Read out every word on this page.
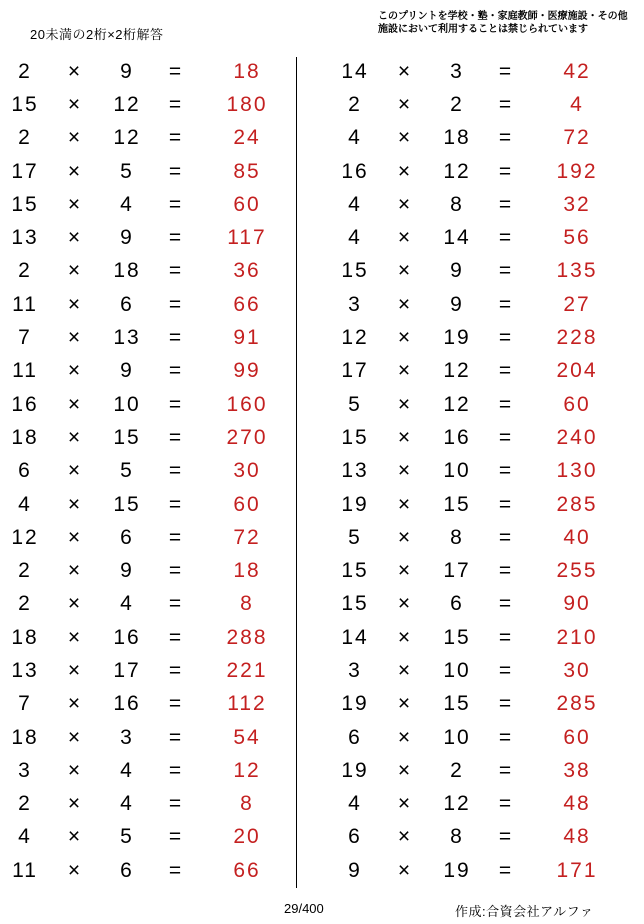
20未満の2桁×2桁解答
このプリントを学校・塾・家庭教師・医療施設・その他
施設において利用することは禁じられています
2	×	9	=	18
15	×	12	=	180
2	×	12	=	24
17	×	5	=	85
15	×	4	=	60
13	×	9	=	117
2	×	18	=	36
11	×	6	=	66
7	×	13	=	91
11	×	9	=	99
16	×	10	=	160
18	×	15	=	270
6	×	5	=	30
4	×	15	=	60
12	×	6	=	72
2	×	9	=	18
2	×	4	=	8
18	×	16	=	288
13	×	17	=	221
7	×	16	=	112
18	×	3	=	54
3	×	4	=	12
2	×	4	=	8
4	×	5	=	20
11	×	6	=	66
14	×	3	=	42
2	×	2	=	4
4	×	18	=	72
16	×	12	=	192
4	×	8	=	32
4	×	14	=	56
15	×	9	=	135
3	×	9	=	27
12	×	19	=	228
17	×	12	=	204
5	×	12	=	60
15	×	16	=	240
13	×	10	=	130
19	×	15	=	285
5	×	8	=	40
15	×	17	=	255
15	×	6	=	90
14	×	15	=	210
3	×	10	=	30
19	×	15	=	285
6	×	10	=	60
19	×	2	=	38
4	×	12	=	48
6	×	8	=	48
9	×	19	=	171
29/400	作成:合資会社アルファ
